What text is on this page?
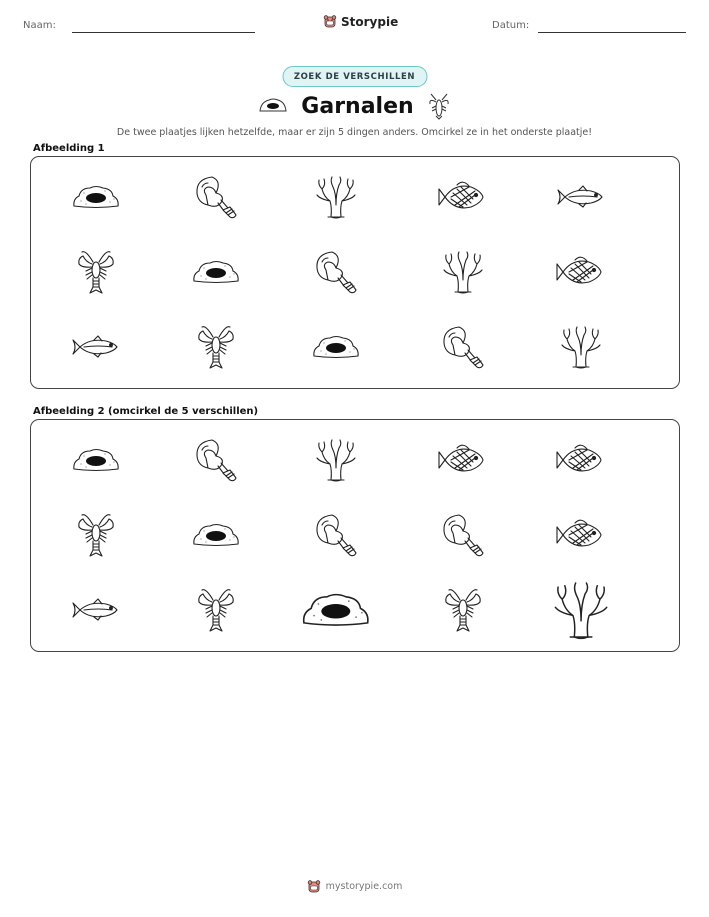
Naam:	Storypie	Datum:
ZOEK DE VERSCHILLEN
Garnalen
De twee plaatjes lijken hetzelfde, maar er zijn 5 dingen anders. Omcirkel ze in het onderste plaatje!
Afbeelding 1
Afbeelding 2 (omcirkel de 5 verschillen)
mystorypie.com
